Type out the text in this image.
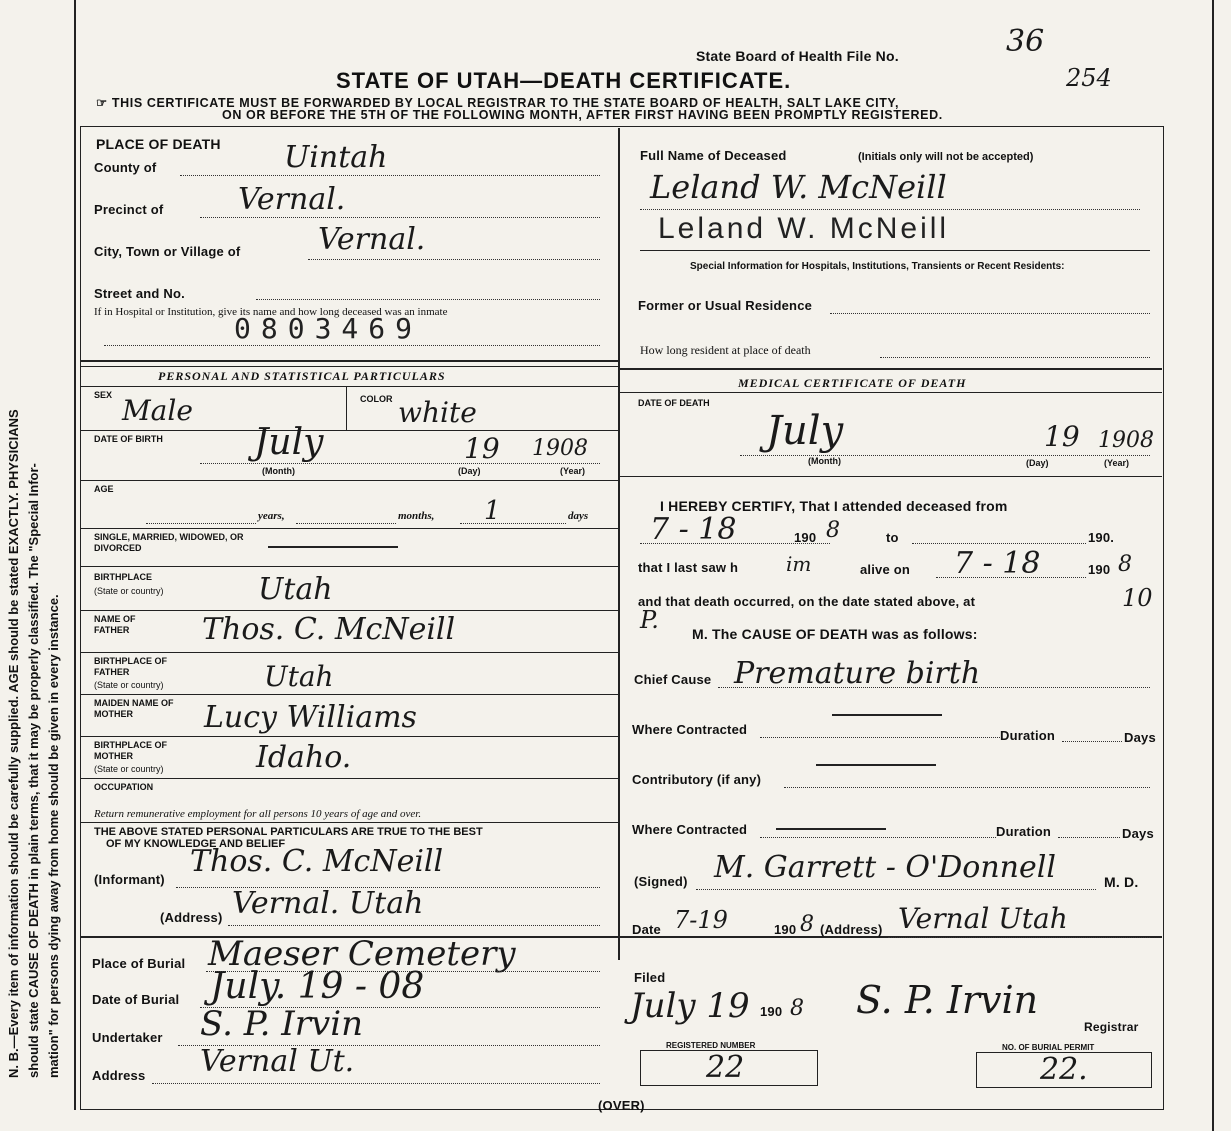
N. B.—Every item of information should be carefully supplied. AGE should be stated EXACTLY. PHYSICIANS should state CAUSE OF DEATH in plain terms, that it may be properly classified. The "Special Infor- mation" for persons dying away from home should be given in every instance.
State Board of Health File No.	36
254
STATE OF UTAH—DEATH CERTIFICATE.
☞ THIS CERTIFICATE MUST BE FORWARDED BY LOCAL REGISTRAR TO THE STATE BOARD OF HEALTH, SALT LAKE CITY,
ON OR BEFORE THE 5TH OF THE FOLLOWING MONTH, AFTER FIRST HAVING BEEN PROMPTLY REGISTERED.
PLACE OF DEATH
County of	Uintah
Precinct of Vernal.
City, Town or Village of	Vernal.
Street and No.
If in Hospital or Institution, give its name and how long deceased was an inmate
0803469
Full Name of Deceased	(Initials only will not be accepted)
Leland W. McNeill
Leland W. McNeill
Special Information for Hospitals, Institutions, Transients or Recent Residents:
Former or Usual Residence
How long resident at place of death
PERSONAL AND STATISTICAL PARTICULARS
SEX Male	COLOR white
DATE OF BIRTH	July	19 1908
(Month)	(Day)	(Year)
AGE
years,	months, 1	days
SINGLE, MARRIED, WIDOWED, OR DIVORCED
BIRTHPLACE
(State or country)	Utah
NAME OF FATHER	Thos. C. McNeill
BIRTHPLACE OF FATHER
(State or country)	Utah
MAIDEN NAME OF MOTHER	Lucy Williams
BIRTHPLACE OF MOTHER
(State or country)	Idaho.
OCCUPATION
Return remunerative employment for all persons 10 years of age and over.
THE ABOVE STATED PERSONAL PARTICULARS ARE TRUE TO THE BEST
OF MY KNOWLEDGE AND BELIEF
(Informant)
Thos. C. McNeill
(Address) Vernal. Utah
MEDICAL CERTIFICATE OF DEATH
DATE OF DEATH
July	19 1908
(Month)	(Day)	(Year)
I HEREBY CERTIFY, That I attended deceased from
7 - 18	190 8	to	190.
that I last saw h im	alive on 7 - 18	190 8
and that death occurred, on the date stated above, at	10
P. M. The CAUSE OF DEATH was as follows:
Chief Cause Premature birth
Where Contracted	Duration	Days
Contributory (if any)
Where Contracted	Duration	Days
(Signed) M. Garrett - O'Donnell	M. D.
Date 7-19	190 8 (Address) Vernal Utah
Place of Burial Maeser Cemetery
Date of Burial July. 19 - 08
Undertaker S. P. Irvin
Address Vernal Ut.
Filed
July 19 190 8 S. P. Irvin
Registrar
REGISTERED NUMBER
22
NO. OF BURIAL PERMIT
22.
(OVER)
